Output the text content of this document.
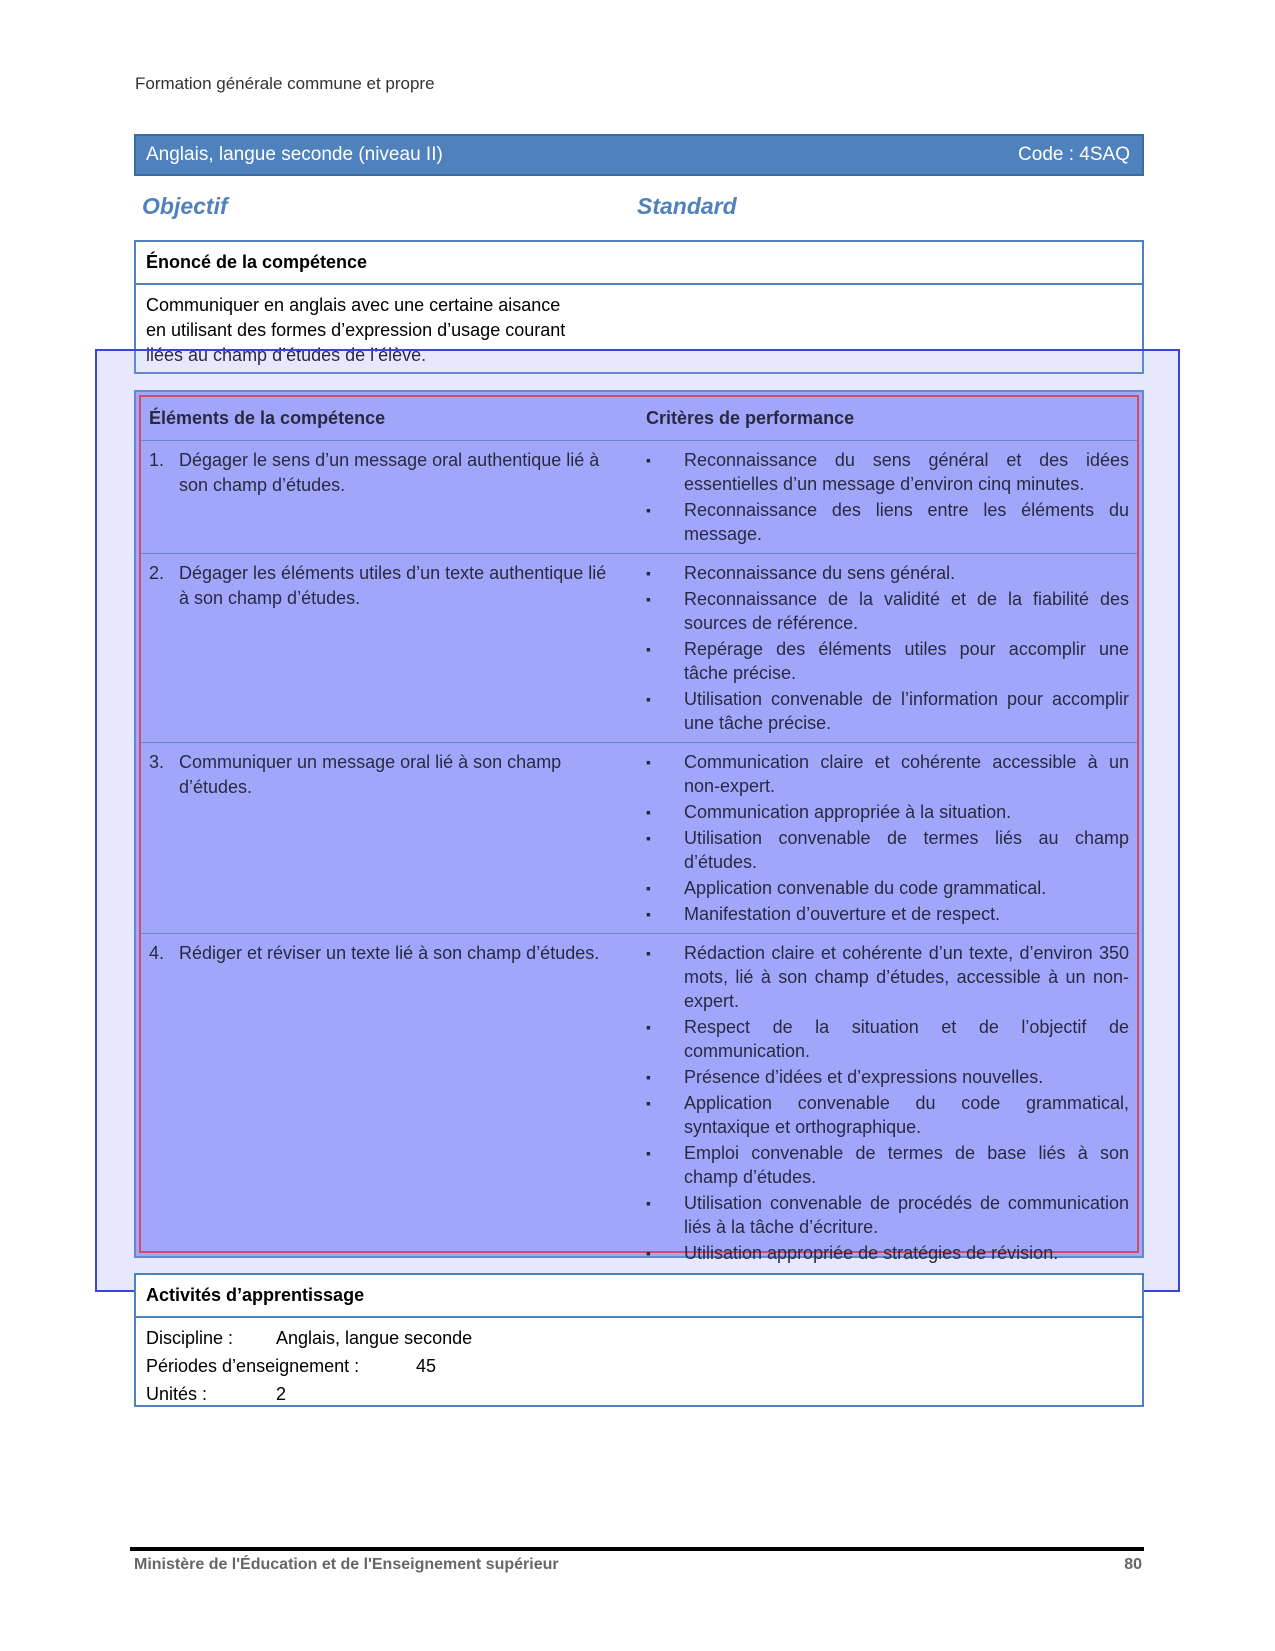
Formation générale commune et propre
Anglais, langue seconde (niveau II)	Code : 4SAQ
Objectif	Standard
Énoncé de la compétence
Communiquer en anglais avec une certaine aisance
en utilisant des formes d’expression d’usage courant
liées au champ d’études de l’élève.
Éléments de la compétence	Critères de performance
1. Dégager le sens d’un message oral authentique lié à son champ d’études.
▪	Reconnaissance du sens général et des idées essentielles d’un message d’environ cinq minutes.
▪	Reconnaissance des liens entre les éléments du message.
2. Dégager les éléments utiles d’un texte authentique lié à son champ d’études.
▪	Reconnaissance du sens général.
▪	Reconnaissance de la validité et de la fiabilité des sources de référence.
▪	Repérage des éléments utiles pour accomplir une tâche précise.
▪	Utilisation convenable de l’information pour accomplir une tâche précise.
3. Communiquer un message oral lié à son champ d’études.
▪	Communication claire et cohérente accessible à un non-expert.
▪	Communication appropriée à la situation.
▪	Utilisation convenable de termes liés au champ d’études.
▪	Application convenable du code grammatical.
▪	Manifestation d’ouverture et de respect.
4. Rédiger et réviser un texte lié à son champ d’études.	▪	Rédaction claire et cohérente d’un texte, d’environ 350 mots, lié à son champ d’études, accessible à un non-expert.
▪	Respect de la situation et de l’objectif de communication.
▪	Présence d’idées et d’expressions nouvelles.
▪	Application convenable du code grammatical, syntaxique et orthographique.
▪	Emploi convenable de termes de base liés à son champ d’études.
▪	Utilisation convenable de procédés de communication liés à la tâche d’écriture.
▪	Utilisation appropriée de stratégies de révision.
Activités d’apprentissage
Discipline :	Anglais, langue seconde
Périodes d’enseignement :	45
Unités :	2
Ministère de l'Éducation et de l'Enseignement supérieur	80
